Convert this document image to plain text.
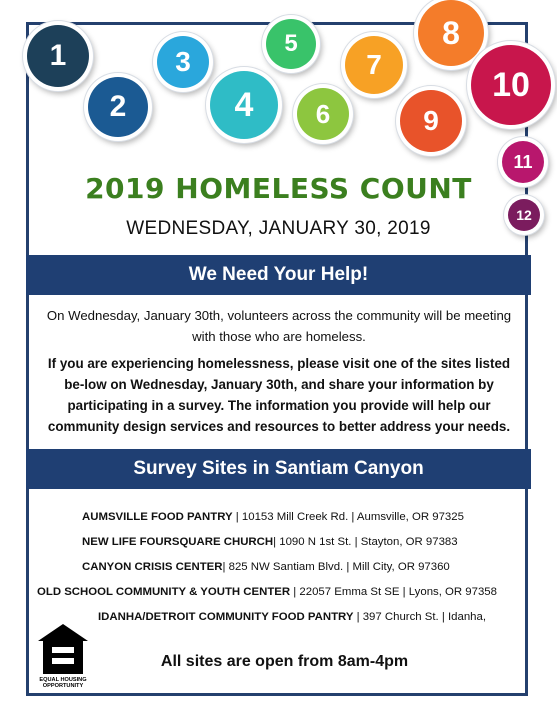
1
2
3
4
5
6
7
8
9
10
11
12
2019 HOMELESS COUNT
WEDNESDAY, JANUARY 30, 2019
We Need Your Help!

On Wednesday, January 30th, volunteers across the community will be meeting with those who are homeless.

If you are experiencing homelessness, please visit one of the sites listed be-low on Wednesday, January 30th, and share your information by participating in a survey. The information you provide will help our community design services and resources to better address your needs.

Survey Sites in Santiam Canyon
AUMSVILLE FOOD PANTRY | 10153 Mill Creek Rd. | Aumsville, OR 97325
NEW LIFE FOURSQUARE CHURCH| 1090 N 1st St. | Stayton, OR 97383
CANYON CRISIS CENTER| 825 NW Santiam Blvd. | Mill City, OR 97360
OLD SCHOOL COMMUNITY & YOUTH CENTER | 22057 Emma St SE | Lyons, OR 97358
IDANHA/DETROIT COMMUNITY FOOD PANTRY | 397 Church St. | Idanha,
EQUAL HOUSING OPPORTUNITY
All sites are open from 8am-4pm
